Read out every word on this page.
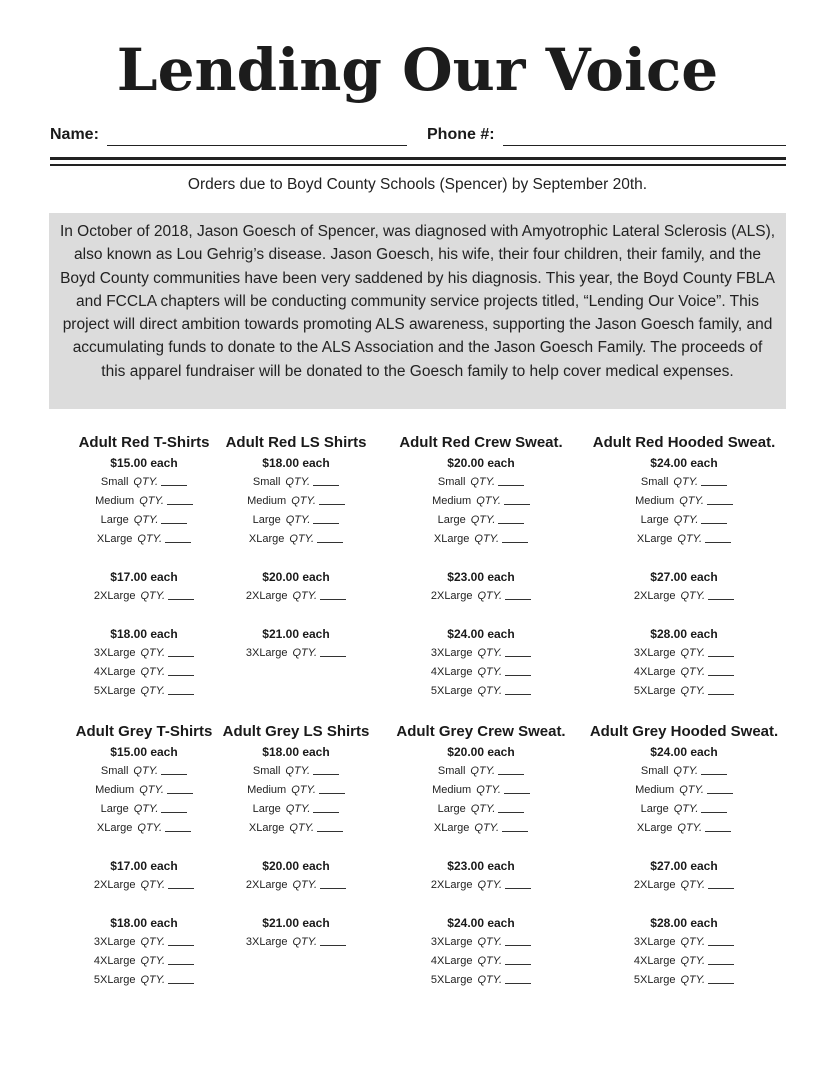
Lending Our Voice
Name:	Phone #:
Orders due to Boyd County Schools (Spencer) by September 20th.
In October of 2018, Jason Goesch of Spencer, was diagnosed with Amyotrophic Lateral Sclerosis (ALS), also known as Lou Gehrig’s disease. Jason Goesch, his wife, their four children, their family, and the Boyd County communities have been very saddened by his diagnosis. This year, the Boyd County FBLA and FCCLA chapters will be conducting community service projects titled, “Lending Our Voice”. This project will direct ambition towards promoting ALS awareness, supporting the Jason Goesch family, and accumulating funds to donate to the ALS Association and the Jason Goesch Family. The proceeds of this apparel fundraiser will be donated to the Goesch family to help cover medical expenses.
Adult Red T-Shirts
$15.00 each
Small QTY.
Medium QTY.
Large QTY.
XLarge QTY.
$17.00 each
2XLarge QTY.
$18.00 each
3XLarge QTY.
4XLarge QTY.
5XLarge QTY.
Adult Red LS Shirts
$18.00 each
Small QTY.
Medium QTY.
Large QTY.
XLarge QTY.
$20.00 each
2XLarge QTY.
$21.00 each
3XLarge QTY.
Adult Red Crew Sweat.
$20.00 each
Small QTY.
Medium QTY.
Large QTY.
XLarge QTY.
$23.00 each
2XLarge QTY.
$24.00 each
3XLarge QTY.
4XLarge QTY.
5XLarge QTY.
Adult Red Hooded Sweat.
$24.00 each
Small QTY.
Medium QTY.
Large QTY.
XLarge QTY.
$27.00 each
2XLarge QTY.
$28.00 each
3XLarge QTY.
4XLarge QTY.
5XLarge QTY.
Adult Grey T-Shirts
$15.00 each
Small QTY.
Medium QTY.
Large QTY.
XLarge QTY.
$17.00 each
2XLarge QTY.
$18.00 each
3XLarge QTY.
4XLarge QTY.
5XLarge QTY.
Adult Grey LS Shirts
$18.00 each
Small QTY.
Medium QTY.
Large QTY.
XLarge QTY.
$20.00 each
2XLarge QTY.
$21.00 each
3XLarge QTY.
Adult Grey Crew Sweat.
$20.00 each
Small QTY.
Medium QTY.
Large QTY.
XLarge QTY.
$23.00 each
2XLarge QTY.
$24.00 each
3XLarge QTY.
4XLarge QTY.
5XLarge QTY.
Adult Grey Hooded Sweat.
$24.00 each
Small QTY.
Medium QTY.
Large QTY.
XLarge QTY.
$27.00 each
2XLarge QTY.
$28.00 each
3XLarge QTY.
4XLarge QTY.
5XLarge QTY.
